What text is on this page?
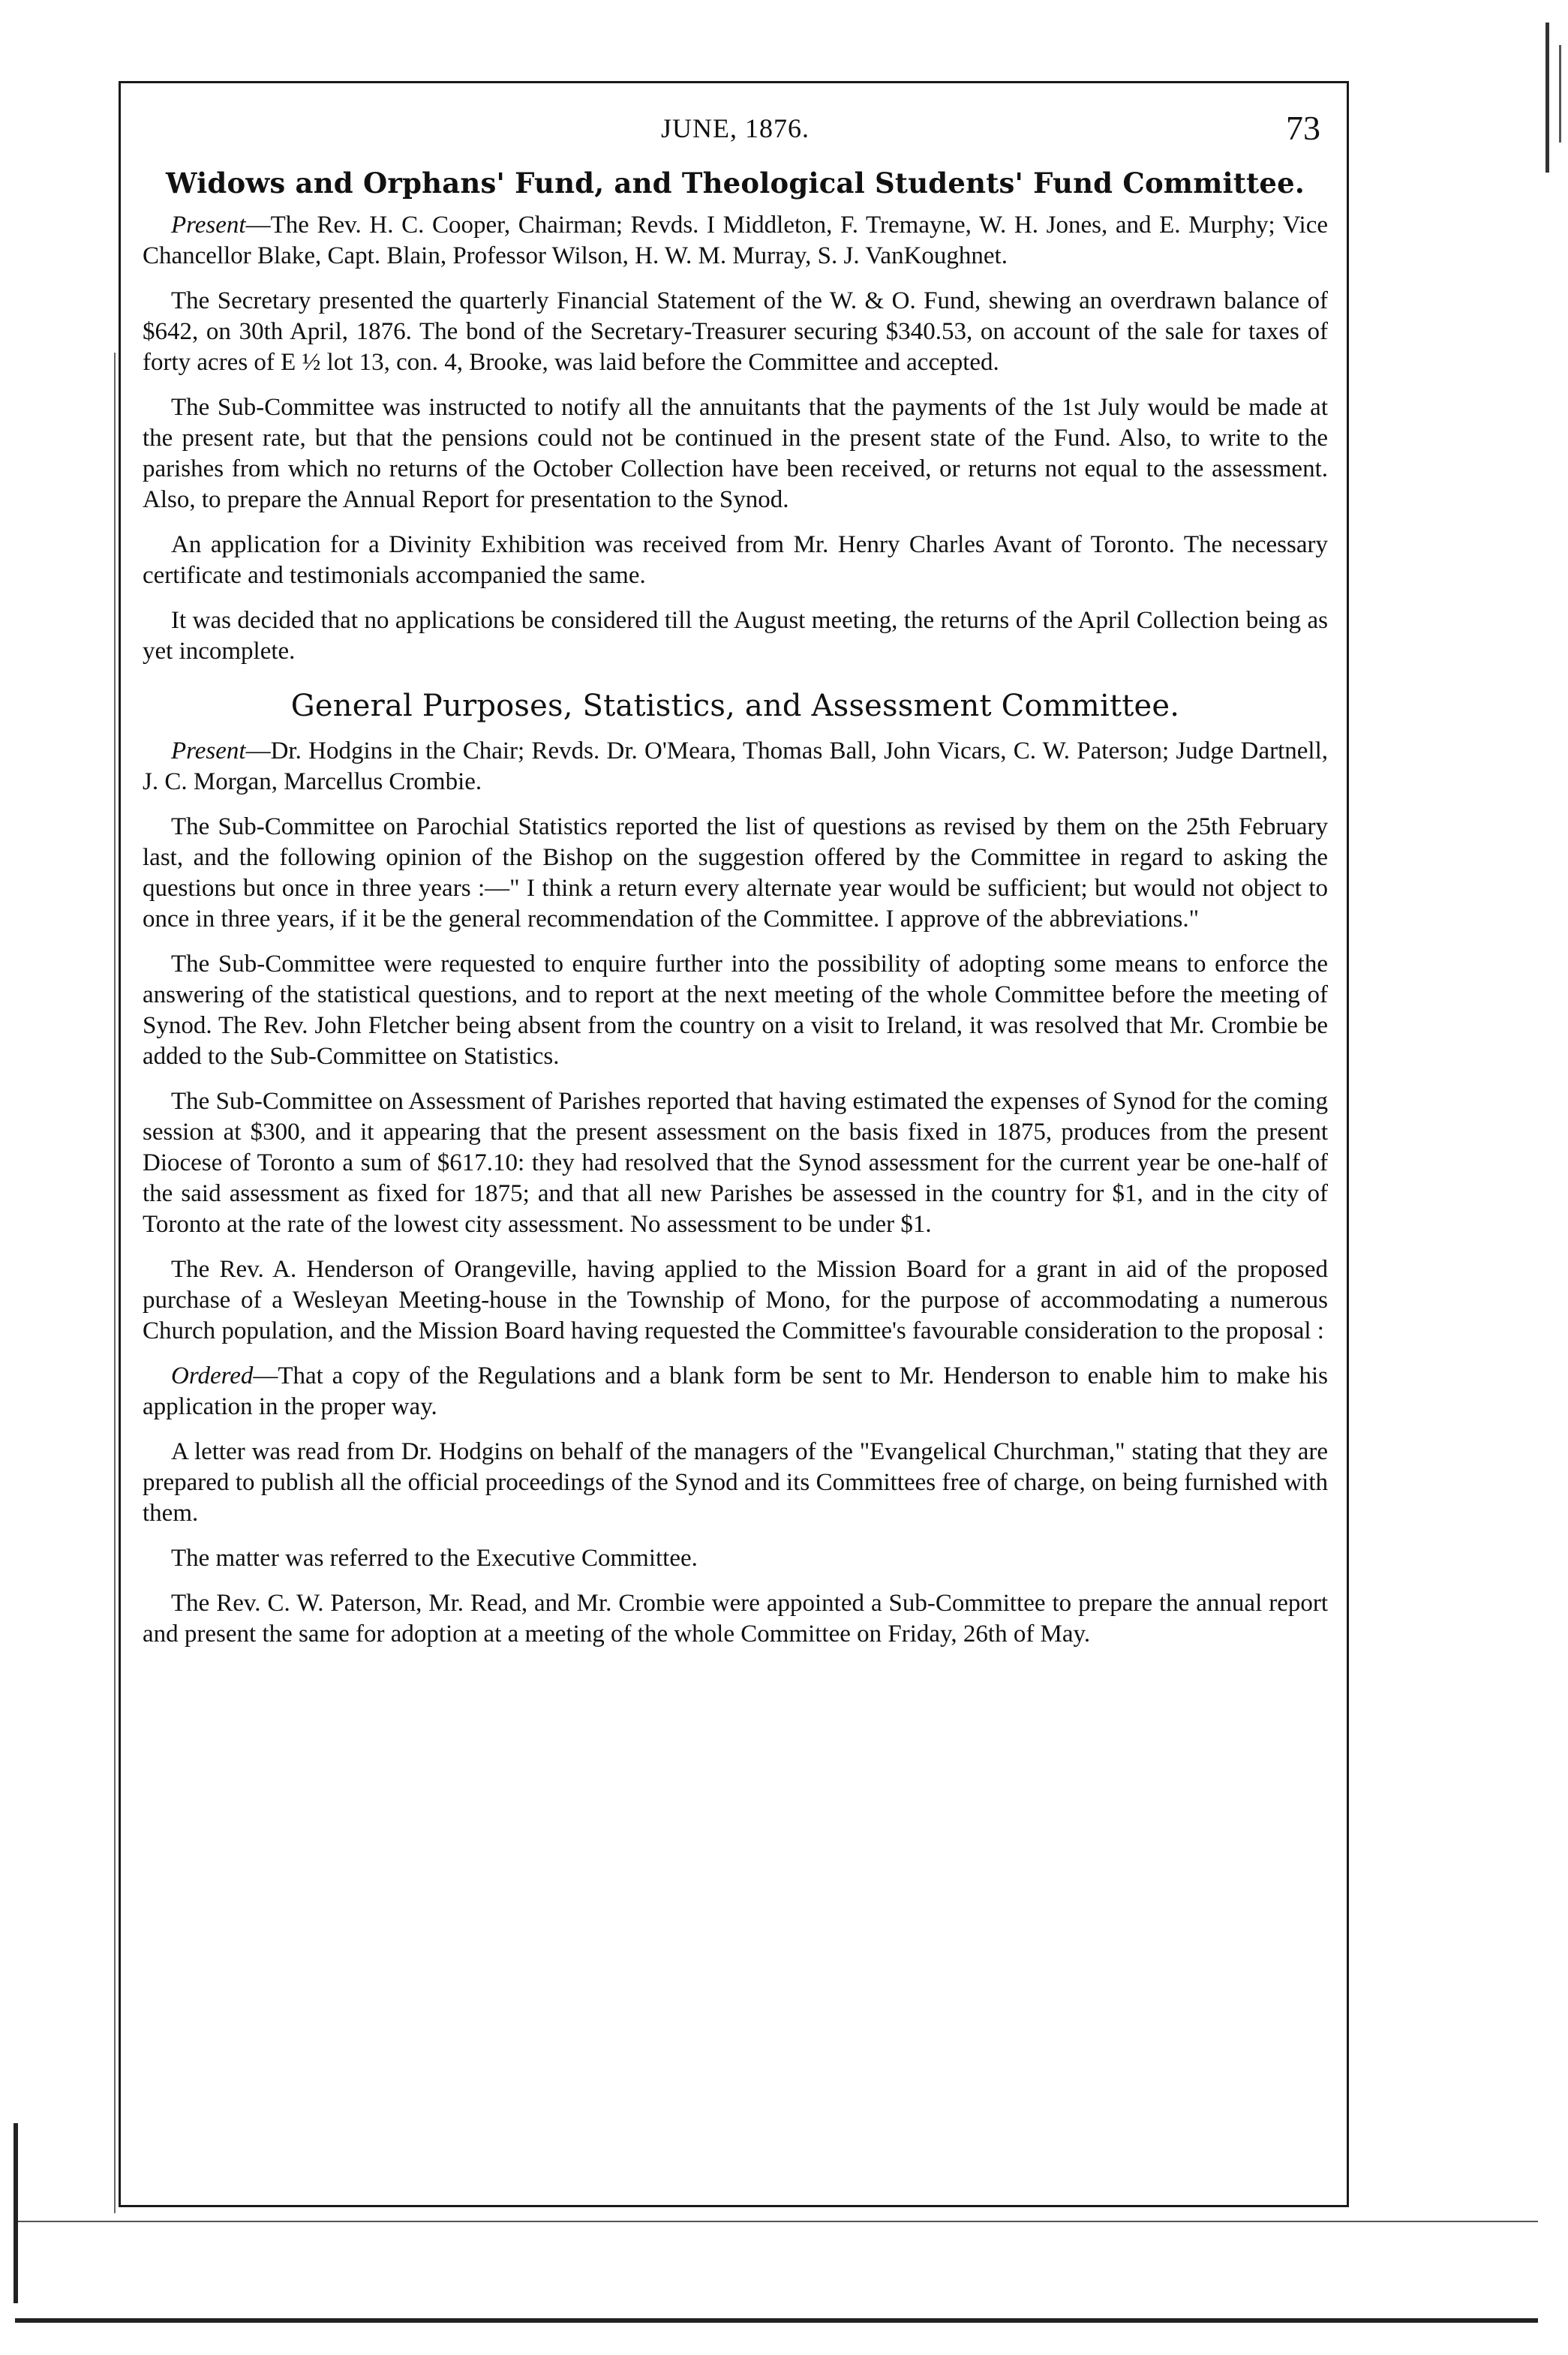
JUNE, 1876.	73
Widows and Orphans' Fund, and Theological Students' Fund Committee.

Present—The Rev. H. C. Cooper, Chairman; Revds. I Middleton, F. Tremayne, W. H. Jones, and E. Murphy; Vice Chancellor Blake, Capt. Blain, Professor Wilson, H. W. M. Murray, S. J. VanKoughnet.

The Secretary presented the quarterly Financial Statement of the W. & O. Fund, shewing an overdrawn balance of $642, on 30th April, 1876. The bond of the Secretary-Treasurer securing $340.53, on account of the sale for taxes of forty acres of E ½ lot 13, con. 4, Brooke, was laid before the Committee and accepted.

The Sub-Committee was instructed to notify all the annuitants that the payments of the 1st July would be made at the present rate, but that the pensions could not be continued in the present state of the Fund. Also, to write to the parishes from which no returns of the October Collection have been received, or returns not equal to the assessment. Also, to prepare the Annual Report for presentation to the Synod.

An application for a Divinity Exhibition was received from Mr. Henry Charles Avant of Toronto. The necessary certificate and testimonials accompanied the same.

It was decided that no applications be considered till the August meeting, the returns of the April Collection being as yet incomplete.

General Purposes, Statistics, and Assessment Committee.

Present—Dr. Hodgins in the Chair; Revds. Dr. O'Meara, Thomas Ball, John Vicars, C. W. Paterson; Judge Dartnell, J. C. Morgan, Marcellus Crombie.

The Sub-Committee on Parochial Statistics reported the list of questions as revised by them on the 25th February last, and the following opinion of the Bishop on the suggestion offered by the Committee in regard to asking the questions but once in three years :—" I think a return every alternate year would be sufficient; but would not object to once in three years, if it be the general recommendation of the Committee. I approve of the abbreviations."

The Sub-Committee were requested to enquire further into the possibility of adopting some means to enforce the answering of the statistical questions, and to report at the next meeting of the whole Committee before the meeting of Synod. The Rev. John Fletcher being absent from the country on a visit to Ireland, it was resolved that Mr. Crombie be added to the Sub-Committee on Statistics.

The Sub-Committee on Assessment of Parishes reported that having estimated the expenses of Synod for the coming session at $300, and it appearing that the present assessment on the basis fixed in 1875, produces from the present Diocese of Toronto a sum of $617.10: they had resolved that the Synod assessment for the current year be one-half of the said assessment as fixed for 1875; and that all new Parishes be assessed in the country for $1, and in the city of Toronto at the rate of the lowest city assessment. No assessment to be under $1.

The Rev. A. Henderson of Orangeville, having applied to the Mission Board for a grant in aid of the proposed purchase of a Wesleyan Meeting-house in the Township of Mono, for the purpose of accommodating a numerous Church population, and the Mission Board having requested the Committee's favourable consideration to the proposal :

Ordered—That a copy of the Regulations and a blank form be sent to Mr. Henderson to enable him to make his application in the proper way.

A letter was read from Dr. Hodgins on behalf of the managers of the "Evangelical Churchman," stating that they are prepared to publish all the official proceedings of the Synod and its Committees free of charge, on being furnished with them.

The matter was referred to the Executive Committee.

The Rev. C. W. Paterson, Mr. Read, and Mr. Crombie were appointed a Sub-Committee to prepare the annual report and present the same for adoption at a meeting of the whole Committee on Friday, 26th of May.
